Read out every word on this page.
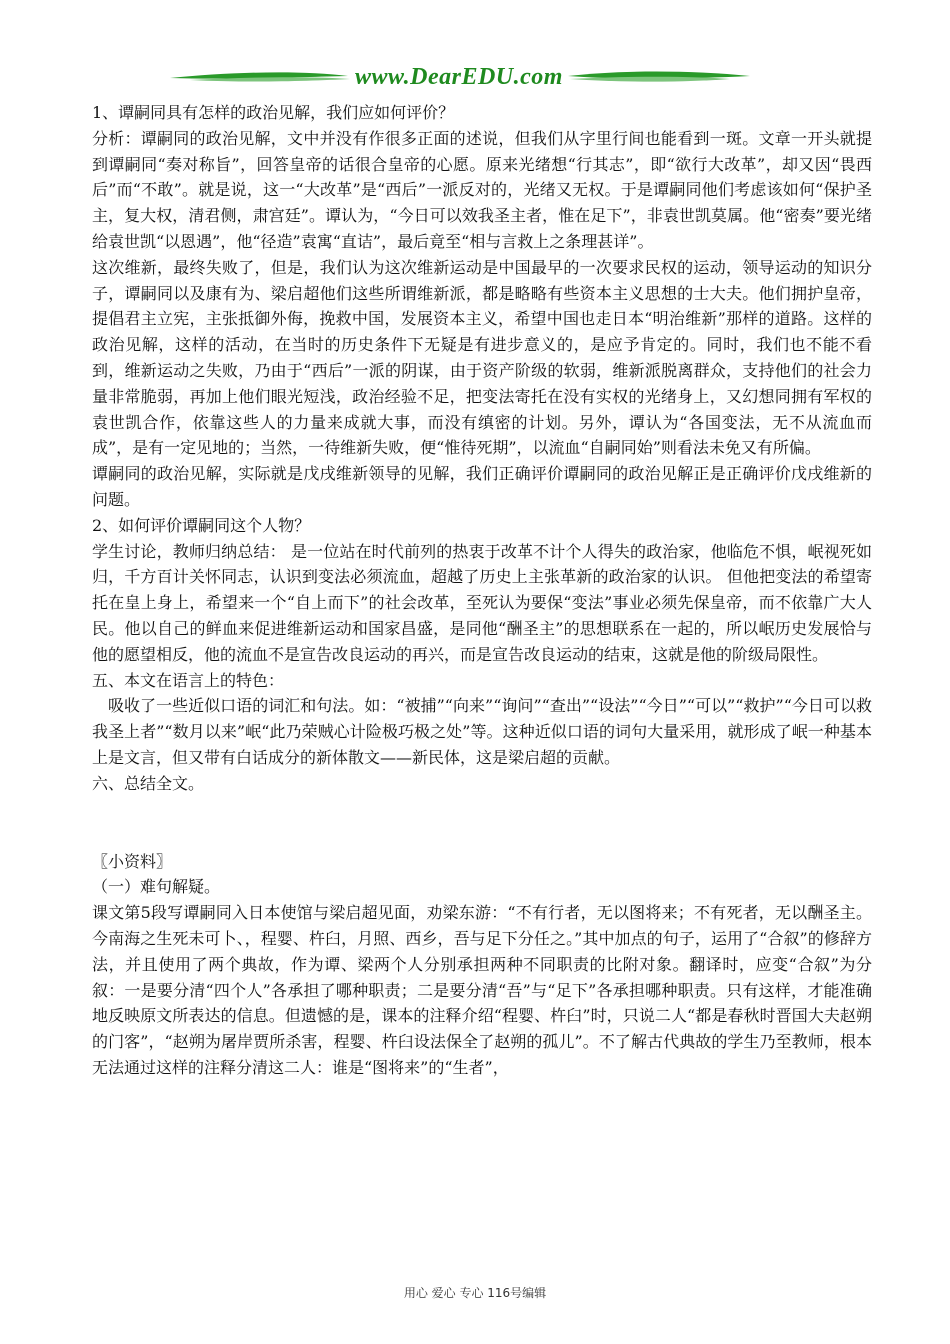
www.DearEDU.com

1、谭嗣同具有怎样的政治见解，我们应如何评价？

分析：谭嗣同的政治见解，文中并没有作很多正面的述说，但我们从字里行间也能看到一斑。文章一开头就提到谭嗣同“奏对称旨”，回答皇帝的话很合皇帝的心愿。原来光绪想“行其志”，即“欲行大改革”，却又因“畏西后”而“不敢”。就是说，这一“大改革”是“西后”一派反对的，光绪又无权。于是谭嗣同他们考虑该如何“保护圣主，复大权，清君侧，肃宫廷”。谭认为，“今日可以效我圣主者，惟在足下”，非袁世凯莫属。他“密奏”要光绪给袁世凯“以恩遇”，他“径造”袁寓“直诘”，最后竟至“相与言救上之条理甚详”。

这次维新，最终失败了，但是，我们认为这次维新运动是中国最早的一次要求民权的运动，领导运动的知识分子，谭嗣同以及康有为、梁启超他们这些所谓维新派，都是略略有些资本主义思想的士大夫。他们拥护皇帝，提倡君主立宪，主张抵御外侮，挽救中国，发展资本主义，希望中国也走日本“明治维新”那样的道路。这样的政治见解，这样的活动，在当时的历史条件下无疑是有进步意义的，是应予肯定的。同时，我们也不能不看到，维新运动之失败，乃由于“西后”一派的阴谋，由于资产阶级的软弱，维新派脱离群众，支持他们的社会力量非常脆弱，再加上他们眼光短浅，政治经验不足，把变法寄托在没有实权的光绪身上，又幻想同拥有军权的袁世凯合作，依靠这些人的力量来成就大事，而没有缜密的计划。另外，谭认为“各国变法，无不从流血而成”，是有一定见地的；当然，一待维新失败，便“惟待死期”，以流血“自嗣同始”则看法未免又有所偏。

谭嗣同的政治见解，实际就是戊戌维新领导的见解，我们正确评价谭嗣同的政治见解正是正确评价戊戌维新的问题。

2、如何评价谭嗣同这个人物？

学生讨论，教师归纳总结： 是一位站在时代前列的热衷于改革不计个人得失的政治家，他临危不惧，岷视死如归，千方百计关怀同志，认识到变法必须流血，超越了历史上主张革新的政治家的认识。 但他把变法的希望寄托在皇上身上，希望来一个“自上而下”的社会改革，至死认为要保“变法”事业必须先保皇帝，而不依靠广大人民。他以自己的鲜血来促进维新运动和国家昌盛，是同他“酬圣主”的思想联系在一起的，所以岷历史发展恰与他的愿望相反，他的流血不是宣告改良运动的再兴，而是宣告改良运动的结束，这就是他的阶级局限性。

五、本文在语言上的特色：

　吸收了一些近似口语的词汇和句法。如：“被捕”“向来”“询问”“查出”“设法”“今日”“可以”“救护”“今日可以救我圣上者”“数月以来”岷“此乃荣贼心计险极巧极之处”等。这种近似口语的词句大量采用，就形成了岷一种基本上是文言，但又带有白话成分的新体散文——新民体，这是梁启超的贡献。

六、总结全文。

〖小资料〗

（一）难句解疑。

课文第5段写谭嗣同入日本使馆与梁启超见面，劝梁东游：“不有行者，无以图将来；不有死者，无以酬圣主。今南海之生死未可卜、，程婴、杵臼，月照、西乡，吾与足下分任之。”其中加点的句子，运用了“合叙”的修辞方法，并且使用了两个典故，作为谭、梁两个人分别承担两种不同职责的比附对象。翻译时，应变“合叙”为分叙：一是要分清“四个人”各承担了哪种职责；二是要分清“吾”与“足下”各承担哪种职责。只有这样，才能准确地反映原文所表达的信息。但遗憾的是，课本的注释介绍“程婴、杵臼”时，只说二人“都是春秋时晋国大夫赵朔的门客”，“赵朔为屠岸贾所杀害，程婴、杵臼设法保全了赵朔的孤儿”。不了解古代典故的学生乃至教师，根本无法通过这样的注释分清这二人：谁是“图将来”的“生者”，

用心 爱心 专心 116号编辑
